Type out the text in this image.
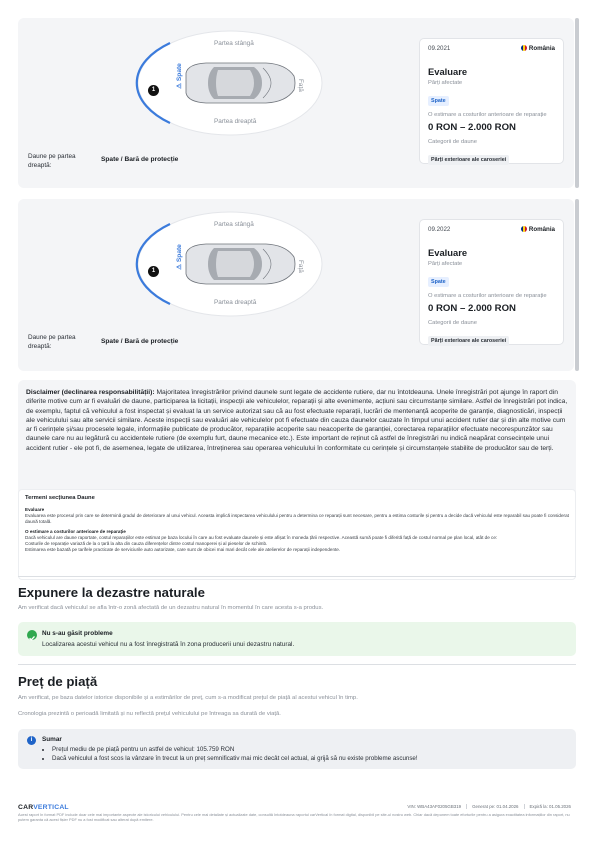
Partea stângă
Partea dreaptă
Față
⚠ Spate
1
Daune pe partea dreaptă:
Spate / Bară de protecție
09.2021	România
Evaluare
Părți afectate
Spate
O estimare a costurilor anterioare de reparație
0 RON – 2.000 RON
Categorii de daune
Părți exterioare ale caroseriei
Partea stângă
Partea dreaptă
Față
⚠ Spate
1
Daune pe partea dreaptă:
Spate / Bară de protecție
09.2022	România
Evaluare
Părți afectate
Spate
O estimare a costurilor anterioare de reparație
0 RON – 2.000 RON
Categorii de daune
Părți exterioare ale caroseriei

Disclaimer (declinarea responsabilității): Majoritatea înregistrărilor privind daunele sunt legate de accidente rutiere, dar nu întotdeauna. Unele înregistrări pot ajunge în raport din diferite motive cum ar fi evaluări de daune, participarea la licitații, inspecții ale vehiculelor, reparații și alte evenimente, acțiuni sau circumstanțe similare. Astfel de înregistrări pot indica, de exemplu, faptul că vehiculul a fost inspectat și evaluat la un service autorizat sau că au fost efectuate reparații, lucrări de mentenanță acoperite de garanție, diagnosticări, inspecții ale vehiculului sau alte servicii similare. Aceste inspecții sau evaluări ale vehiculelor pot fi efectuate din cauza daunelor cauzate în timpul unui accident rutier dar și din alte motive cum ar fi cerințele și/sau procesele legale, informațiile publicate de producător, reparațiile acoperite sau neacoperite de garanției, corectarea reparațiilor efectuate necorespunzător sau daunele care nu au legătură cu accidentele rutiere (de exemplu furt, daune mecanice etc.). Este important de reținut că astfel de înregistrări nu indică neapărat consecințele unui accident rutier - ele pot fi, de asemenea, legate de utilizarea, întreținerea sau operarea vehiculului în conformitate cu cerințele și circumstanțele stabilite de producător sau de terți.

Termeni secțiunea Daune
Evaluare
Evaluarea este procesul prin care se determină gradul de deteriorare al unui vehicul. Aceasta implică inspectarea vehiculului pentru a determina ce reparații sunt necesare, pentru a estima costurile și pentru a decide dacă vehiculul este reparabil sau poate fi considerat daună totală.
O estimare a costurilor anterioare de reparație
Dacă vehiculul are daune raportate, costul reparațiilor este estimat pe baza locului în care au fost evaluate daunele și este afișat în moneda țării respective. Această sumă poate fi diferită față de costul normal pe plan local, atât de ce:
Costurile de reparație variază de la o țară la alta din cauza diferențelor dintre costul manoperei și al pieselor de schimb.
Estimarea este bazată pe tarifele practicate de serviciurile auto autorizate, care sunt de obicei mai mari decât cele ale atelierelor de reparații independente.
Expunere la dezastre naturale
Am verificat dacă vehiculul se afla într-o zonă afectată de un dezastru natural în momentul în care acesta s-a produs.
Nu s-au găsit probleme
Localizarea acestui vehicul nu a fost înregistrată în zona producerii unui dezastru natural.
Preț de piață
Am verificat, pe baza datelor istorice disponibile și a estimărilor de preț, cum s-a modificat prețul de piață al acestui vehicul în timp.
Cronologia prezintă o perioadă limitată și nu reflectă prețul vehiculului pe întreaga sa durată de viață.
i	Sumar
• Prețul mediu de pe piață pentru un astfel de vehicul: 105.759 RON
• Dacă vehiculul a fost scos la vânzare în trecut la un preț semnificativ mai mic decât cel actual, ai grijă să nu existe probleme ascunse!
CARVERTICAL	VIN: WBA43AF0205GB319	Generat pe: 01.04.2026	Expiră la: 01.05.2026
Acest raport în format PDF include doar cele mai importante aspecte ale istoricului vehiculului. Pentru cele mai detaliate și actualizate date, consultă întotdeauna raportul carVertical în format digital, disponibil pe site-ul nostru web. Chiar dacă depunem toate eforturile pentru a asigura exactitatea informațiilor din raport, nu putem garanta că acest fișier PDF nu a fost modificat sau alterat după emitere.
